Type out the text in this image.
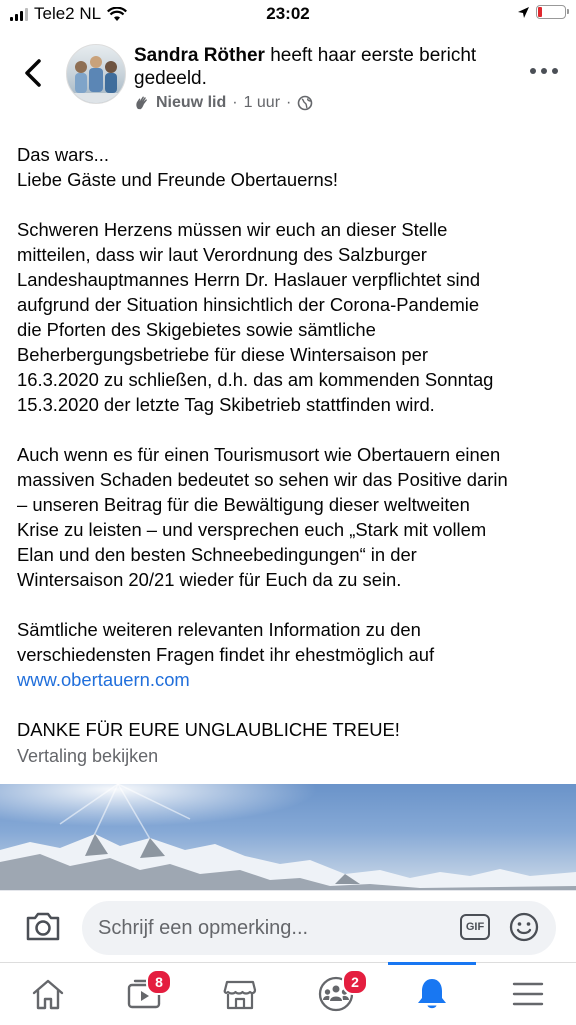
Tele2 NL	23:02
Sandra Röther heeft haar eerste bericht gedeeld.
Nieuw lid · 1 uur ·

Das wars...
Liebe Gäste und Freunde Obertauerns!

Schweren Herzens müssen wir euch an dieser Stelle
mitteilen, dass wir laut Verordnung des Salzburger
Landeshauptmannes Herrn Dr. Haslauer verpflichtet sind
aufgrund der Situation hinsichtlich der Corona-Pandemie
die Pforten des Skigebietes sowie sämtliche
Beherbergungsbetriebe für diese Wintersaison per
16.3.2020 zu schließen, d.h. das am kommenden Sonntag
15.3.2020 der letzte Tag Skibetrieb stattfinden wird.

Auch wenn es für einen Tourismusort wie Obertauern einen
massiven Schaden bedeutet so sehen wir das Positive darin
– unseren Beitrag für die Bewältigung dieser weltweiten
Krise zu leisten – und versprechen euch „Stark mit vollem
Elan und den besten Schneebedingungen“ in der
Wintersaison 20/21 wieder für Euch da zu sein.

Sämtliche weiteren relevanten Information zu den
verschiedensten Fragen findet ihr ehestmöglich auf
www.obertauern.com

DANKE FÜR EURE UNGLAUBLICHE TREUE!

Vertaling bekijken
Schrijf een opmerking...	GIF
8	2
